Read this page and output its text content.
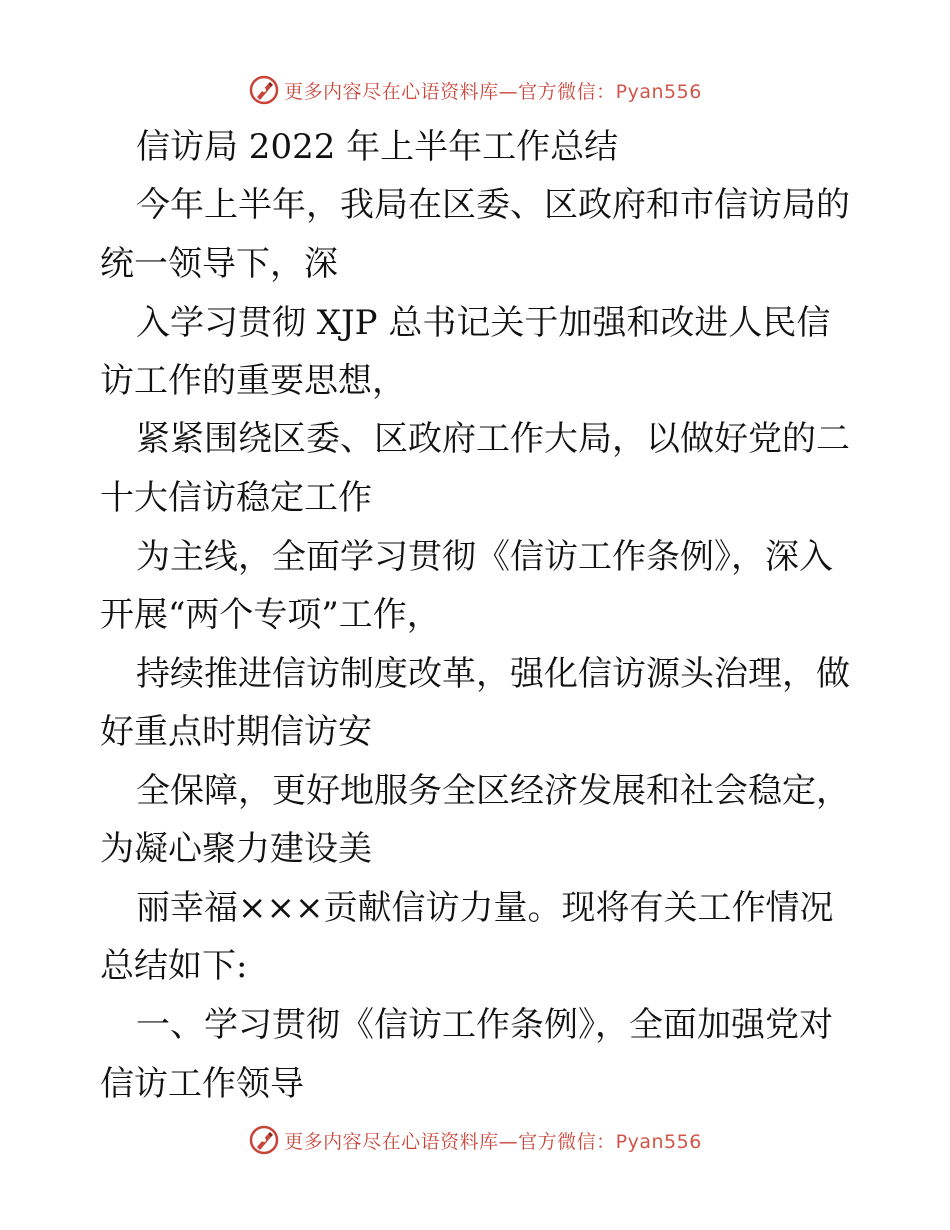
更多内容尽在心语资料库—官方微信：Pyan556
信访局 2022 年上半年工作总结
今年上半年，我局在区委、区政府和市信访局的
统一领导下，深
入学习贯彻 XJP 总书记关于加强和改进人民信
访工作的重要思想，
紧紧围绕区委、区政府工作大局，以做好党的二
十大信访稳定工作
为主线，全面学习贯彻《信访工作条例》，深入
开展“两个专项”工作，
持续推进信访制度改革，强化信访源头治理，做
好重点时期信访安
全保障，更好地服务全区经济发展和社会稳定，
为凝心聚力建设美
丽幸福×××贡献信访力量。现将有关工作情况
总结如下:
一、学习贯彻《信访工作条例》，全面加强党对
信访工作领导
更多内容尽在心语资料库—官方微信：Pyan556
